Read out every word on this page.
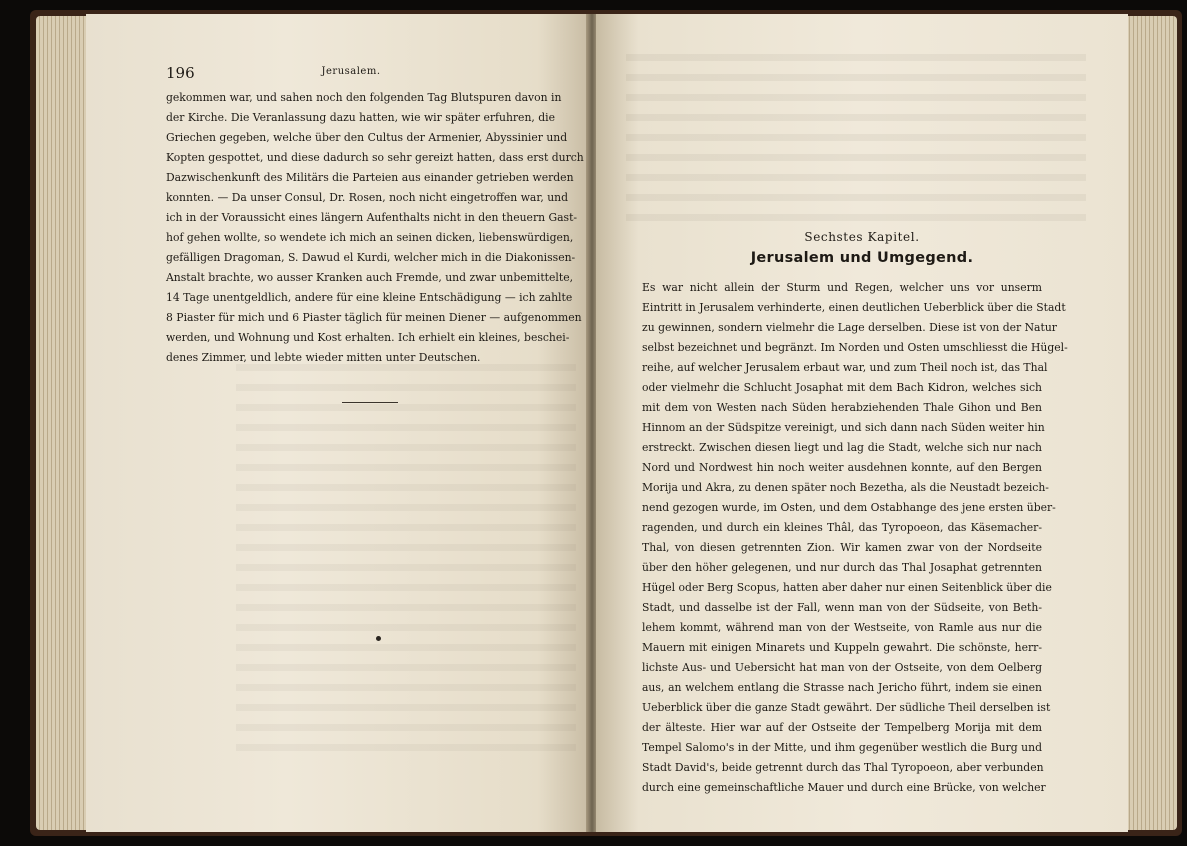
196	Jerusalem.

gekommen war, und sahen noch den folgenden Tag Blutspuren davon in
der Kirche. Die Veranlassung dazu hatten, wie wir später erfuhren, die
Griechen gegeben, welche über den Cultus der Armenier, Abyssinier und
Kopten gespottet, und diese dadurch so sehr gereizt hatten, dass erst durch
Dazwischenkunft des Militärs die Parteien aus einander getrieben werden
konnten. — Da unser Consul, Dr. Rosen, noch nicht eingetroffen war, und
ich in der Voraussicht eines längern Aufenthalts nicht in den theuern Gast-
hof gehen wollte, so wendete ich mich an seinen dicken, liebenswürdigen,
gefälligen Dragoman, S. Dawud el Kurdi, welcher mich in die Diakonissen-
Anstalt brachte, wo ausser Kranken auch Fremde, und zwar unbemittelte,
14 Tage unentgeldlich, andere für eine kleine Entschädigung — ich zahlte
8 Piaster für mich und 6 Piaster täglich für meinen Diener — aufgenommen
werden, und Wohnung und Kost erhalten. Ich erhielt ein kleines, beschei-
denes Zimmer, und lebte wieder mitten unter Deutschen.

Sechstes Kapitel.
Jerusalem und Umgegend.

Es war nicht allein der Sturm und Regen, welcher uns vor unserm
Eintritt in Jerusalem verhinderte, einen deutlichen Ueberblick über die Stadt
zu gewinnen, sondern vielmehr die Lage derselben. Diese ist von der Natur
selbst bezeichnet und begränzt. Im Norden und Osten umschliesst die Hügel-
reihe, auf welcher Jerusalem erbaut war, und zum Theil noch ist, das Thal
oder vielmehr die Schlucht Josaphat mit dem Bach Kidron, welches sich
mit dem von Westen nach Süden herabziehenden Thale Gihon und Ben
Hinnom an der Südspitze vereinigt, und sich dann nach Süden weiter hin
erstreckt. Zwischen diesen liegt und lag die Stadt, welche sich nur nach
Nord und Nordwest hin noch weiter ausdehnen konnte, auf den Bergen
Morija und Akra, zu denen später noch Bezetha, als die Neustadt bezeich-
nend gezogen wurde, im Osten, und dem Ostabhange des jene ersten über-
ragenden, und durch ein kleines Thâl, das Tyropoeon, das Käsemacher-
Thal, von diesen getrennten Zion. Wir kamen zwar von der Nordseite
über den höher gelegenen, und nur durch das Thal Josaphat getrennten
Hügel oder Berg Scopus, hatten aber daher nur einen Seitenblick über die
Stadt, und dasselbe ist der Fall, wenn man von der Südseite, von Beth-
lehem kommt, während man von der Westseite, von Ramle aus nur die
Mauern mit einigen Minarets und Kuppeln gewahrt. Die schönste, herr-
lichste Aus- und Uebersicht hat man von der Ostseite, von dem Oelberg
aus, an welchem entlang die Strasse nach Jericho führt, indem sie einen
Ueberblick über die ganze Stadt gewährt. Der südliche Theil derselben ist
der älteste. Hier war auf der Ostseite der Tempelberg Morija mit dem
Tempel Salomo's in der Mitte, und ihm gegenüber westlich die Burg und
Stadt David's, beide getrennt durch das Thal Tyropoeon, aber verbunden
durch eine gemeinschaftliche Mauer und durch eine Brücke, von welcher
